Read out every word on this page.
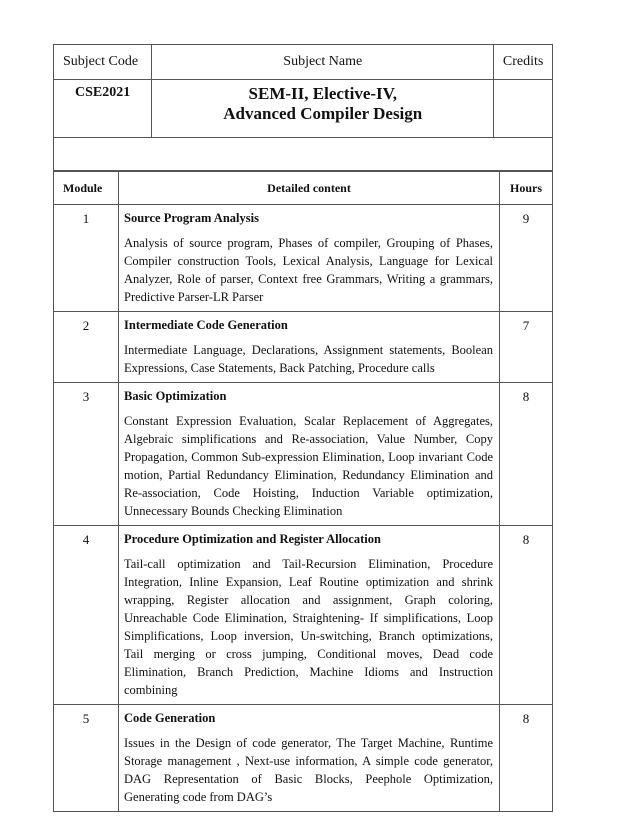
Subject Code	Subject Name	Credits
CSE2021	SEM-II, Elective-IV,
Advanced Compiler Design	

Module	Detailed content	Hours
1	Source Program Analysis
Analysis of source program, Phases of compiler, Grouping of Phases, Compiler construction Tools, Lexical Analysis, Language for Lexical Analyzer, Role of parser, Context free Grammars, Writing a grammars, Predictive Parser-LR Parser	9
2	Intermediate Code Generation
Intermediate Language, Declarations, Assignment statements, Boolean Expressions, Case Statements, Back Patching, Procedure calls	7
3	Basic Optimization
Constant Expression Evaluation, Scalar Replacement of Aggregates, Algebraic simplifications and Re-association, Value Number, Copy Propagation, Common Sub-expression Elimination, Loop invariant Code motion, Partial Redundancy Elimination, Redundancy Elimination and Re-association, Code Hoisting, Induction Variable optimization, Unnecessary Bounds Checking Elimination	8
4	Procedure Optimization and Register Allocation
Tail-call optimization and Tail-Recursion Elimination, Procedure Integration, Inline Expansion, Leaf Routine optimization and shrink wrapping, Register allocation and assignment, Graph coloring, Unreachable Code Elimination, Straightening- If simplifications, Loop Simplifications, Loop inversion, Un-switching, Branch optimizations, Tail merging or cross jumping, Conditional moves, Dead code Elimination, Branch Prediction, Machine Idioms and Instruction combining	8
5	Code Generation
Issues in the Design of code generator, The Target Machine, Runtime Storage management , Next-use information, A simple code generator, DAG Representation of Basic Blocks, Peephole Optimization, Generating code from DAG’s	8
